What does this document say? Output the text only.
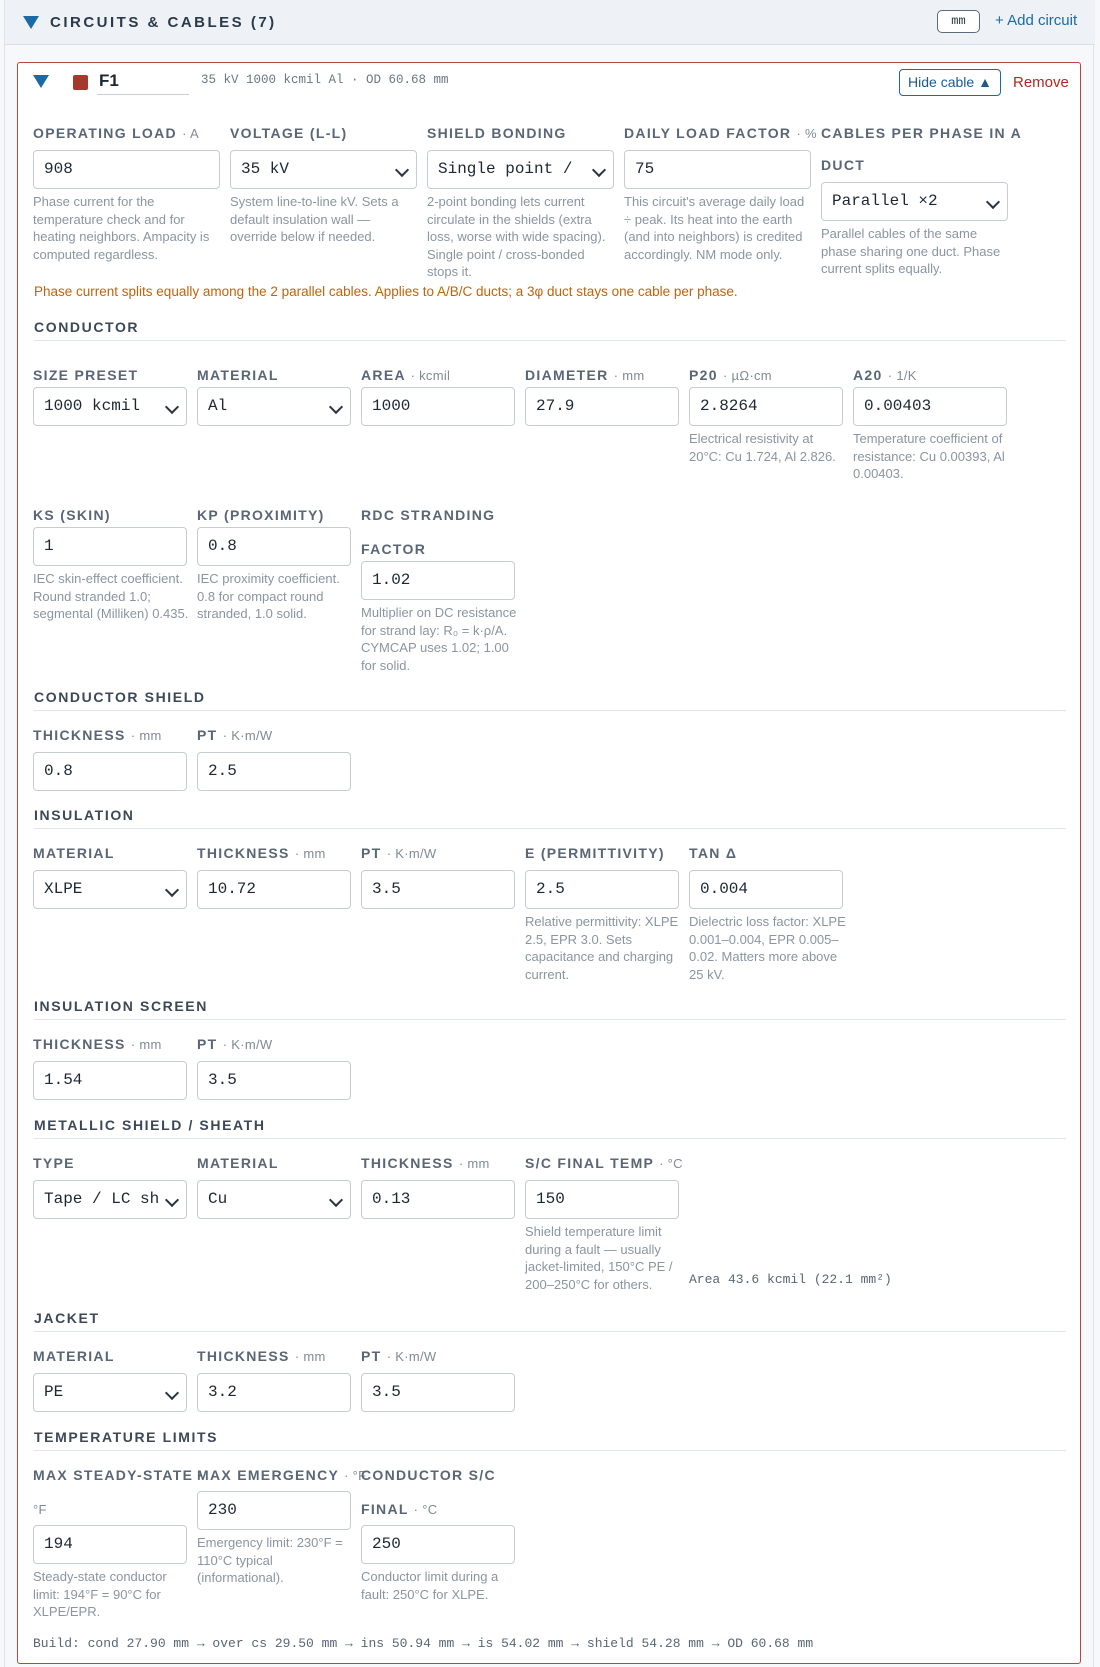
CIRCUITS & CABLES (7)	mm	+ Add circuit
F1
35 kV 1000 kcmil Al · OD 60.68 mm	Hide cable ▲	Remove
OPERATING LOAD · A
908
Phase current for the temperature check and for heating neighbors. Ampacity is computed regardless.
VOLTAGE (L-L)
35 kV
System line-to-line kV. Sets a default insulation wall — override below if needed.
SHIELD BONDING
Single point /
2-point bonding lets current circulate in the shields (extra loss, worse with wide spacing). Single point / cross-bonded stops it.
DAILY LOAD FACTOR · %
75
This circuit's average daily load ÷ peak. Its heat into the earth (and into neighbors) is credited accordingly. NM mode only.
CABLES PER PHASE IN A
DUCT
Parallel ×2
Parallel cables of the same phase sharing one duct. Phase current splits equally.
Phase current splits equally among the 2 parallel cables. Applies to A/B/C ducts; a 3φ duct stays one cable per phase.
CONDUCTOR
SIZE PRESET
1000 kcmil
MATERIAL
Al
AREA · kcmil
1000
DIAMETER · mm
27.9
P20 · µΩ·cm
2.8264
Electrical resistivity at 20°C: Cu 1.724, Al 2.826.
A20 · 1/K
0.00403
Temperature coefficient of resistance: Cu 0.00393, Al 0.00403.
KS (SKIN)
1
IEC skin-effect coefficient. Round stranded 1.0; segmental (Milliken) 0.435.
KP (PROXIMITY)
0.8
IEC proximity coefficient. 0.8 for compact round stranded, 1.0 solid.
RDC STRANDING
FACTOR
1.02
Multiplier on DC resistance for strand lay: R₀ = k·ρ/A. CYMCAP uses 1.02; 1.00 for solid.
CONDUCTOR SHIELD
THICKNESS · mm
0.8
PT · K·m/W
2.5
INSULATION
MATERIAL
XLPE
THICKNESS · mm
10.72
PT · K·m/W
3.5
E (PERMITTIVITY)
2.5
Relative permittivity: XLPE 2.5, EPR 3.0. Sets capacitance and charging current.
TAN Δ
0.004
Dielectric loss factor: XLPE 0.001–0.004, EPR 0.005–0.02. Matters more above 25 kV.
INSULATION SCREEN
THICKNESS · mm
1.54
PT · K·m/W
3.5
METALLIC SHIELD / SHEATH
TYPE
Tape / LC sh
MATERIAL
Cu
THICKNESS · mm
0.13
S/C FINAL TEMP · °C
150
Shield temperature limit during a fault — usually jacket-limited, 150°C PE / 200–250°C for others.	Area 43.6 kcmil (22.1 mm²)
JACKET
MATERIAL
PE
THICKNESS · mm
3.2
PT · K·m/W
3.5
TEMPERATURE LIMITS
MAX STEADY-STATE ·
°F
194
Steady-state conductor limit: 194°F = 90°C for XLPE/EPR.
MAX EMERGENCY · °F
230
Emergency limit: 230°F = 110°C typical (informational).
CONDUCTOR S/C
FINAL · °C
250
Conductor limit during a fault: 250°C for XLPE.
Build: cond 27.90 mm → over cs 29.50 mm → ins 50.94 mm → is 54.02 mm → shield 54.28 mm → OD 60.68 mm
